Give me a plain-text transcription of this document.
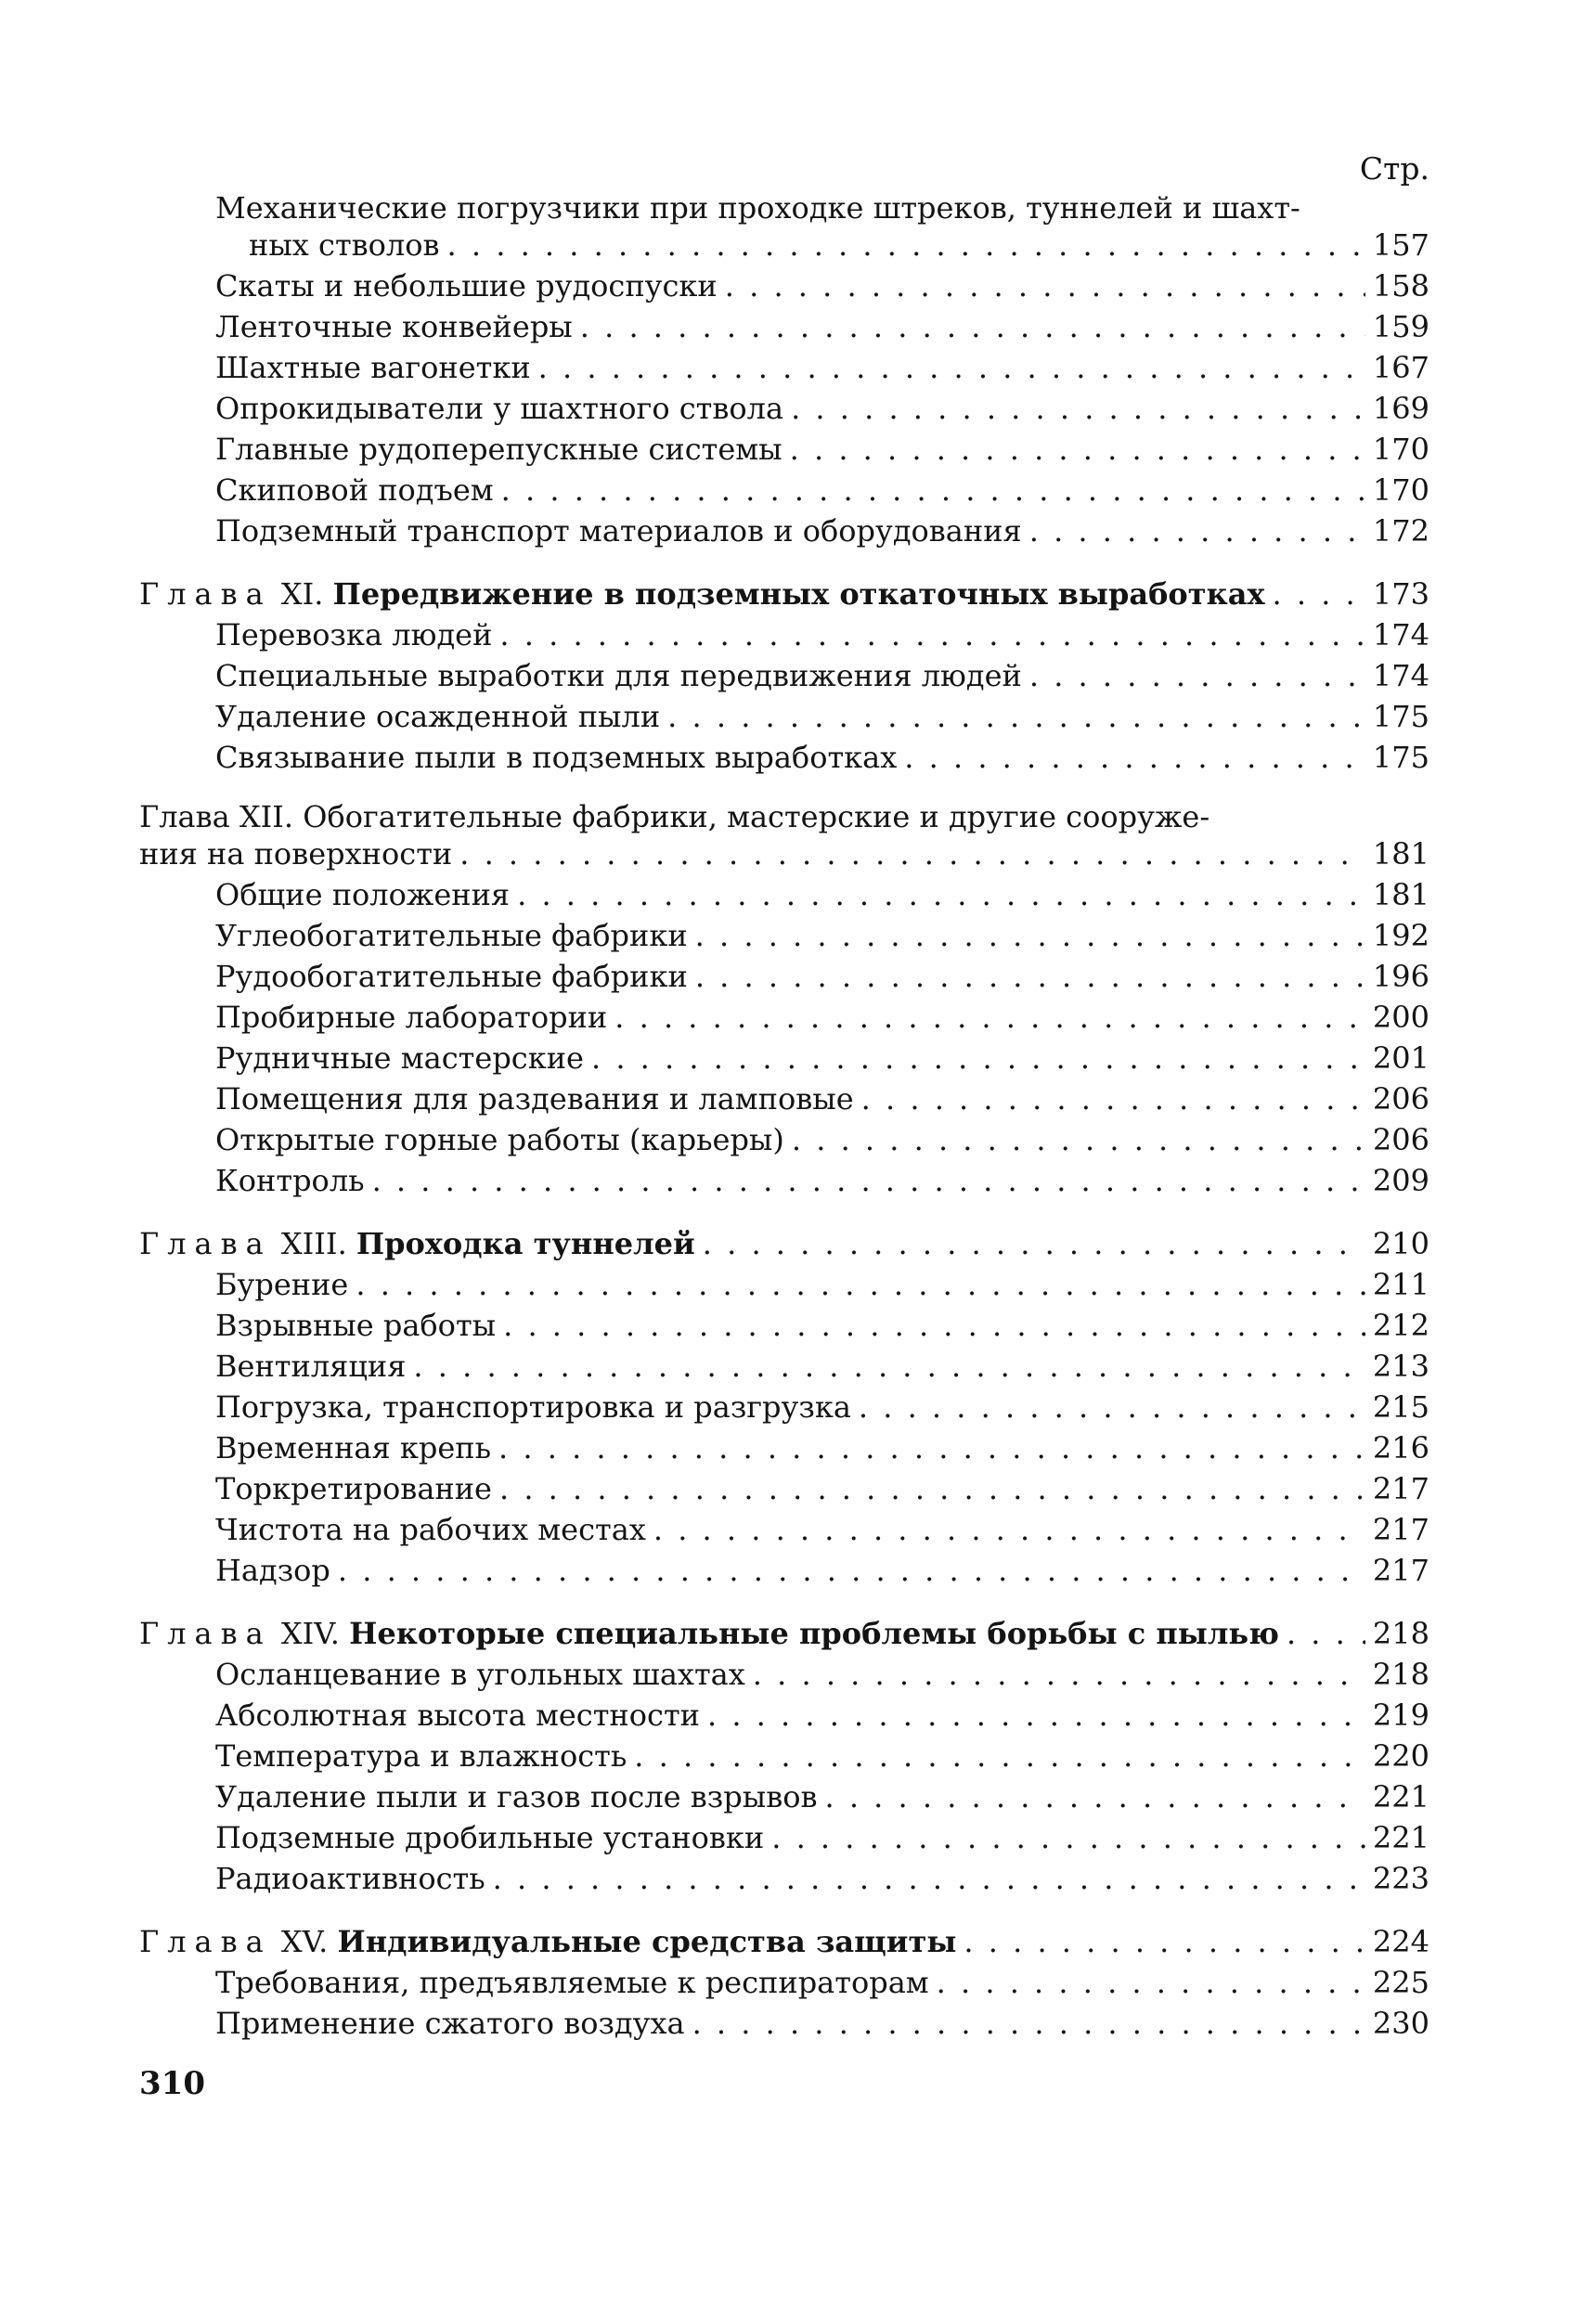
Стр.
Механические погрузчики при проходке штреков, туннелей и шахт-
ных стволов . . .	157
Скаты и небольшие рудоспуски . . .	158
Ленточные конвейеры . . .	159
Шахтные вагонетки . . .	167
Опрокидыватели у шахтного ствола . . .	169
Главные рудоперепускные системы . . .	170
Скиповой подъем . . .	170
Подземный транспорт материалов и оборудования . . .	172
Глава XI. Передвижение в подземных откаточных выработках . . .	173
Перевозка людей . . .	174
Специальные выработки для передвижения людей . . .	174
Удаление осажденной пыли . . .	175
Связывание пыли в подземных выработках . . .	175
Глава XII. Обогатительные фабрики, мастерские и другие сооруже-
ния на поверхности . . .	181
Общие положения . . .	181
Углеобогатительные фабрики . . .	192
Рудообогатительные фабрики . . .	196
Пробирные лаборатории . . .	200
Рудничные мастерские . . .	201
Помещения для раздевания и ламповые . . .	206
Открытые горные работы (карьеры) . . .	206
Контроль . . .	209
Глава XIII. Проходка туннелей . . .	210
Бурение . . .	211
Взрывные работы . . .	212
Вентиляция . . .	213
Погрузка, транспортировка и разгрузка . . .	215
Временная крепь . . .	216
Торкретирование . . .	217
Чистота на рабочих местах . . .	217
Надзор . . .	217
Глава XIV. Некоторые специальные проблемы борьбы с пылью . . .	218
Осланцевание в угольных шахтах . . .	218
Абсолютная высота местности . . .	219
Температура и влажность . . .	220
Удаление пыли и газов после взрывов . . .	221
Подземные дробильные установки . . .	221
Радиоактивность . . .	223
Глава XV. Индивидуальные средства защиты . . .	224
Требования, предъявляемые к респираторам . . .	225
Применение сжатого воздуха . . .	230
310
